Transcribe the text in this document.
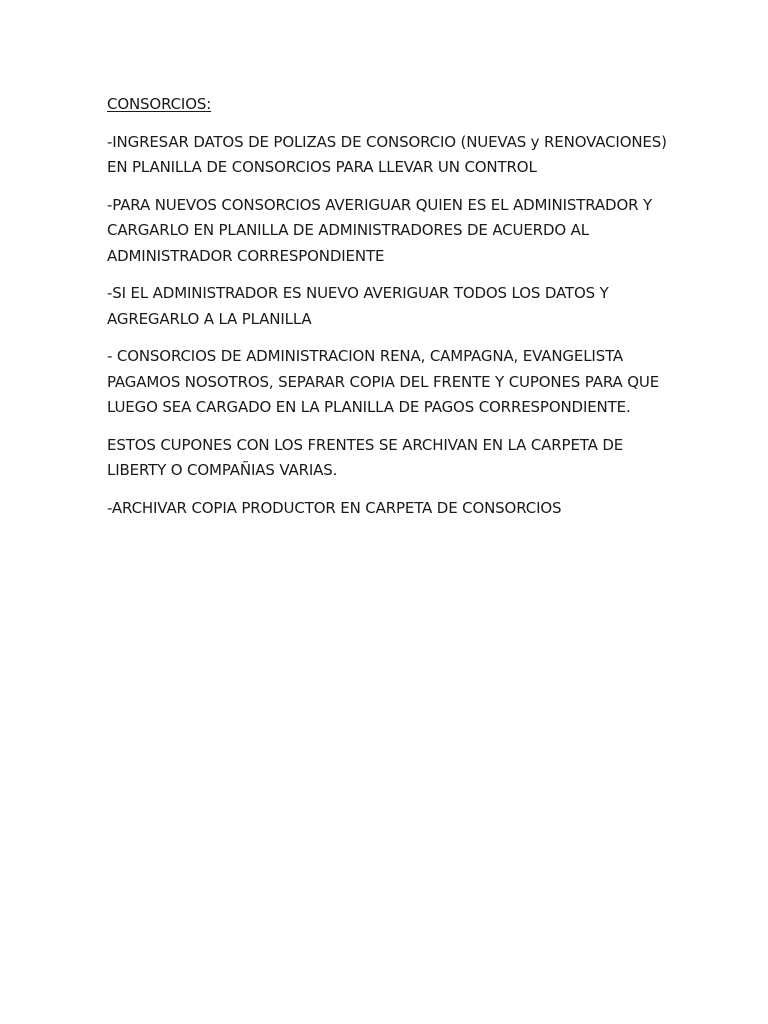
CONSORCIOS:
-INGRESAR DATOS DE POLIZAS DE CONSORCIO (NUEVAS y RENOVACIONES) EN PLANILLA DE CONSORCIOS PARA LLEVAR UN CONTROL
-PARA NUEVOS CONSORCIOS AVERIGUAR QUIEN ES EL ADMINISTRADOR Y CARGARLO EN PLANILLA DE ADMINISTRADORES DE ACUERDO AL ADMINISTRADOR CORRESPONDIENTE
-SI EL ADMINISTRADOR ES NUEVO AVERIGUAR TODOS LOS DATOS Y AGREGARLO A LA PLANILLA
- CONSORCIOS DE ADMINISTRACION RENA, CAMPAGNA, EVANGELISTA PAGAMOS NOSOTROS, SEPARAR COPIA DEL FRENTE Y CUPONES PARA QUE LUEGO SEA CARGADO EN LA PLANILLA DE PAGOS CORRESPONDIENTE.
ESTOS CUPONES CON LOS FRENTES SE ARCHIVAN EN LA CARPETA DE LIBERTY O COMPAÑIAS VARIAS.
-ARCHIVAR COPIA PRODUCTOR EN CARPETA DE CONSORCIOS
